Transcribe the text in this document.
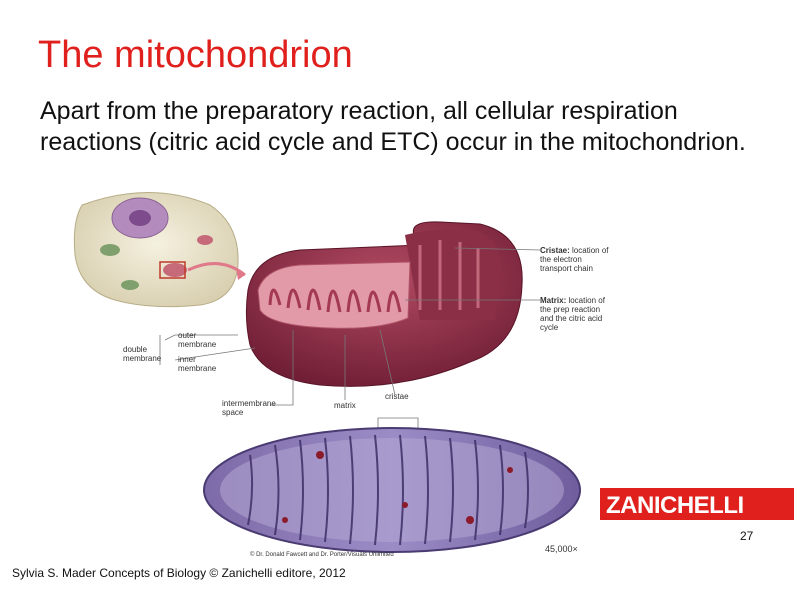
The mitochondrion
Apart from the preparatory reaction, all cellular respiration reactions (citric acid cycle and ETC) occur in the mitochondrion.
Cristae: location of the electron transport chain
Matrix: location of the prep reaction and the citric acid cycle
outer membrane
inner membrane
double membrane
intermembrane space
matrix
cristae
© Dr. Donald Fawcett and Dr. Porter/Visuals Unlimited
45,000×
ZANICHELLI
27
Sylvia S. Mader Concepts of Biology © Zanichelli editore, 2012
